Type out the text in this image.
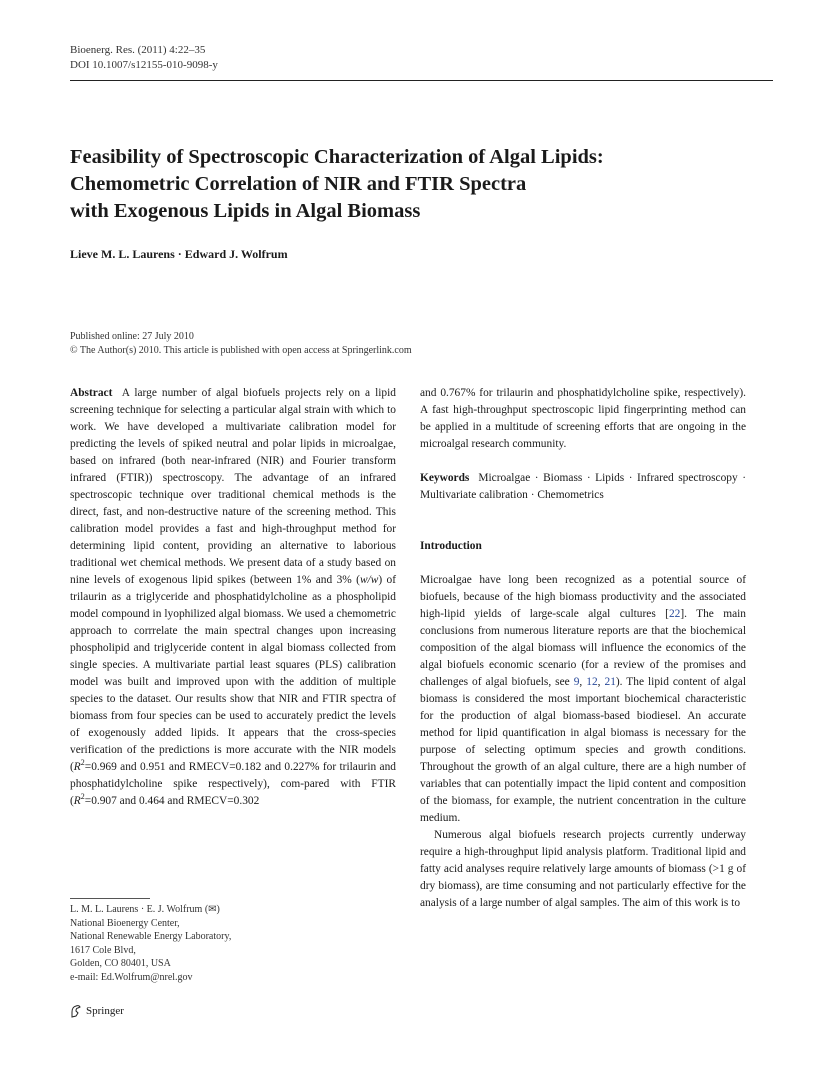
Bioenerg. Res. (2011) 4:22–35
DOI 10.1007/s12155-010-9098-y
Feasibility of Spectroscopic Characterization of Algal Lipids:
Chemometric Correlation of NIR and FTIR Spectra
with Exogenous Lipids in Algal Biomass
Lieve M. L. Laurens · Edward J. Wolfrum
Published online: 27 July 2010
© The Author(s) 2010. This article is published with open access at Springerlink.com

Abstract A large number of algal biofuels projects rely on a lipid screening technique for selecting a particular algal strain with which to work. We have developed a multivariate calibration model for predicting the levels of spiked neutral and polar lipids in microalgae, based on infrared (both near-infrared (NIR) and Fourier transform infrared (FTIR)) spectroscopy. The advantage of an infrared spectroscopic technique over traditional chemical methods is the direct, fast, and non-destructive nature of the screening method. This calibration model provides a fast and high-throughput method for determining lipid content, providing an alternative to laborious traditional wet chemical methods. We present data of a study based on nine levels of exogenous lipid spikes (between 1% and 3% (w/w) of trilaurin as a triglyceride and phosphatidylcholine as a phospholipid model compound in lyophilized algal biomass. We used a chemometric approach to corrrelate the main spectral changes upon increasing phospholipid and triglyceride content in algal biomass collected from single species. A multivariate partial least squares (PLS) calibration model was built and improved upon with the addition of multiple species to the dataset. Our results show that NIR and FTIR spectra of biomass from four species can be used to accurately predict the levels of exogenously added lipids. It appears that the cross-species verification of the predictions is more accurate with the NIR models ($R^2=0.969$ and 0.951 and RMECV=0.182 and 0.227% for trilaurin and phosphatidylcholine spike respectively), com-pared with FTIR ($R^2=0.907$ and 0.464 and RMECV=0.302

and 0.767% for trilaurin and phosphatidylcholine spike, respectively). A fast high-throughput spectroscopic lipid fingerprinting method can be applied in a multitude of screening efforts that are ongoing in the microalgal research community.

Keywords Microalgae · Biomass · Lipids · Infrared spectroscopy · Multivariate calibration · Chemometrics

Introduction

Microalgae have long been recognized as a potential source of biofuels, because of the high biomass productivity and the associated high-lipid yields of large-scale algal cultures [22]. The main conclusions from numerous literature reports are that the biochemical composition of the algal biomass will influence the economics of the algal biofuels economic scenario (for a review of the promises and challenges of algal biofuels, see 9, 12, 21). The lipid content of algal biomass is considered the most important biochemical characteristic for the production of algal biomass-based biodiesel. An accurate method for lipid quantification in algal biomass is necessary for the purpose of selecting optimum species and growth conditions. Throughout the growth of an algal culture, there are a high number of variables that can potentially impact the lipid content and composition of the biomass, for example, the nutrient concentration in the culture medium.

Numerous algal biofuels research projects currently underway require a high-throughput lipid analysis platform. Traditional lipid and fatty acid analyses require relatively large amounts of biomass (>1 g of dry biomass), are time consuming and not particularly effective for the analysis of a large number of algal samples. The aim of this work is to

L. M. L. Laurens · E. J. Wolfrum (✉)
National Bioenergy Center,
National Renewable Energy Laboratory,
1617 Cole Blvd,
Golden, CO 80401, USA
e-mail: Ed.Wolfrum@nrel.gov
Springer
